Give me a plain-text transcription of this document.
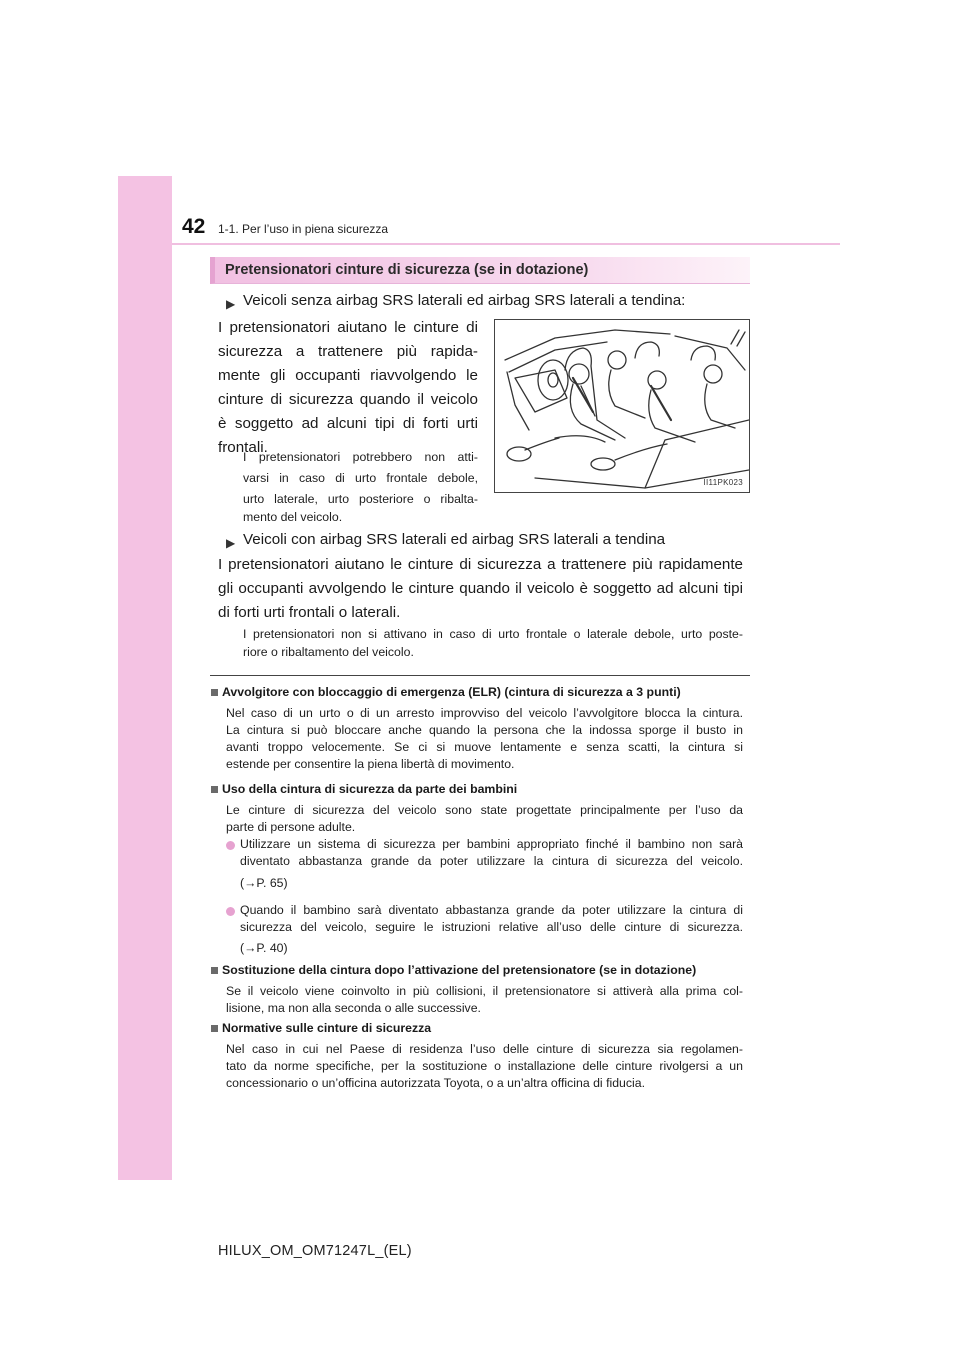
42 1-1. Per l’uso in piena sicurezza
Pretensionatori cinture di sicurezza (se in dotazione)
▶ Veicoli senza airbag SRS laterali ed airbag SRS laterali a tendina:
I pretensionatori aiutano le cinture di
sicurezza a trattenere più rapida-
mente gli occupanti riavvolgendo le
cinture di sicurezza quando il veicolo
è soggetto ad alcuni tipi di forti urti
frontali.
I pretensionatori potrebbero non atti-
varsi in caso di urto frontale debole,
urto laterale, urto posteriore o ribalta-
mento del veicolo.
II11PK023
▶ Veicoli con airbag SRS laterali ed airbag SRS laterali a tendina
I pretensionatori aiutano le cinture di sicurezza a trattenere più rapidamente
gli occupanti avvolgendo le cinture quando il veicolo è soggetto ad alcuni tipi
di forti urti frontali o laterali.
I pretensionatori non si attivano in caso di urto frontale o laterale debole, urto poste-
riore o ribaltamento del veicolo.
Avvolgitore con bloccaggio di emergenza (ELR) (cintura di sicurezza a 3 punti)
Nel caso di un urto o di un arresto improvviso del veicolo l’avvolgitore blocca la cintura.
La cintura si può bloccare anche quando la persona che la indossa sporge il busto in
avanti troppo velocemente. Se ci si muove lentamente e senza scatti, la cintura si
estende per consentire la piena libertà di movimento.
Uso della cintura di sicurezza da parte dei bambini
Le cinture di sicurezza del veicolo sono state progettate principalmente per l’uso da
parte di persone adulte.
Utilizzare un sistema di sicurezza per bambini appropriato finché il bambino non sarà
diventato abbastanza grande da poter utilizzare la cintura di sicurezza del veicolo.
(→P. 65)
Quando il bambino sarà diventato abbastanza grande da poter utilizzare la cintura di
sicurezza del veicolo, seguire le istruzioni relative all’uso delle cinture di sicurezza.
(→P. 40)
Sostituzione della cintura dopo l’attivazione del pretensionatore (se in dotazione)
Se il veicolo viene coinvolto in più collisioni, il pretensionatore si attiverà alla prima col-
lisione, ma non alla seconda o alle successive.
Normative sulle cinture di sicurezza
Nel caso in cui nel Paese di residenza l’uso delle cinture di sicurezza sia regolamen-
tato da norme specifiche, per la sostituzione o installazione delle cinture rivolgersi a un
concessionario o un’officina autorizzata Toyota, o a un’altra officina di fiducia.
HILUX_OM_OM71247L_(EL)
